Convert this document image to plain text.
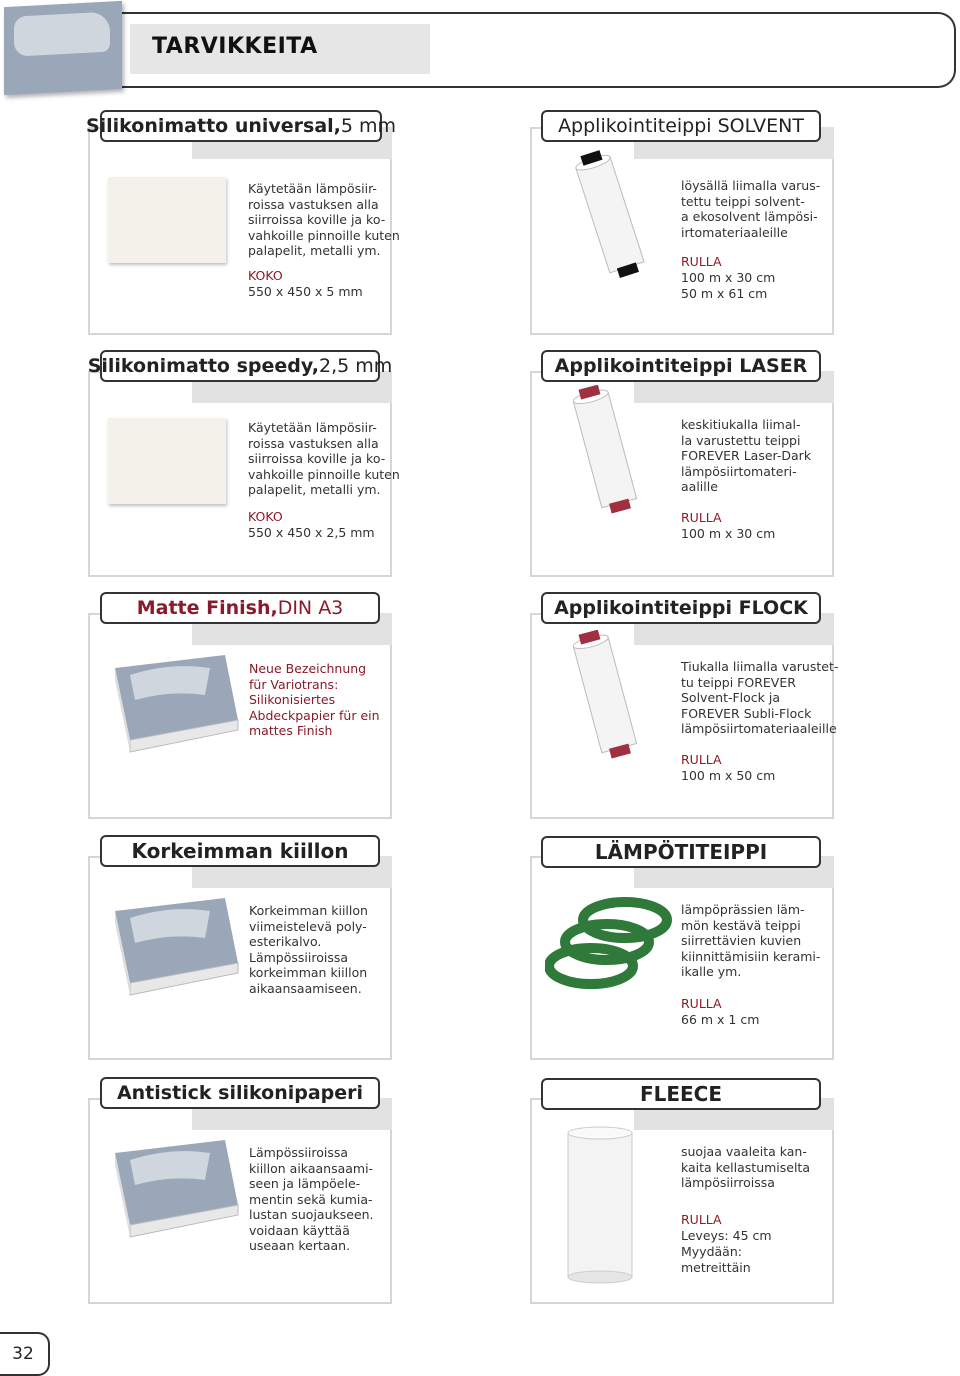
TARVIKKEITA
Silikonimatto universal, 5 mm
Käytetään lämpösiir-
roissa vastuksen alla
siirroissa koville ja ko-
vahkoille pinnoille kuten
palapelit, metalli ym.
KOKO
550 x 450 x 5 mm
Applikointiteippi SOLVENT
löysällä liimalla varus-
tettu teippi solvent-
a ekosolvent lämpösi-
irtomateriaaleille
RULLA
100 m x 30 cm
50 m x 61 cm
Silikonimatto speedy, 2,5 mm
Käytetään lämpösiir-
roissa vastuksen alla
siirroissa koville ja ko-
vahkoille pinnoille kuten
palapelit, metalli ym.
KOKO
550 x 450 x 2,5 mm
Applikointiteippi LASER
keskitiukalla liimal-
la varustettu teippi
FOREVER Laser-Dark
lämpösiirtomateri-
aalille
RULLA
100 m x 30 cm
Matte Finish, DIN A3
Neue Bezeichnung
für Variotrans:
Silikonisiertes
Abdeckpapier für ein
mattes Finish
Applikointiteippi FLOCK
Tiukalla liimalla varustet-
tu teippi FOREVER
Solvent-Flock ja
FOREVER Subli-Flock
lämpösiirtomateriaaleille
RULLA
100 m x 50 cm
Korkeimman kiillon
Korkeimman kiillon
viimeistelevä poly-
esterikalvo.
Lämpössiiroissa
korkeimman kiillon
aikaansaamiseen.
LÄMPÖTITEIPPI
lämpöprässien läm-
mön kestävä teippi
siirrettävien kuvien
kiinnittämisiin kerami-
ikalle ym.
RULLA
66 m x 1 cm
Antistick silikonipaperi
Lämpössiiroissa
kiillon aikaansaami-
seen ja lämpöele-
mentin sekä kumia-
lustan suojaukseen.
voidaan käyttää
useaan kertaan.
FLEECE
suojaa vaaleita kan-
kaita kellastumiselta
lämpösiirroissa
RULLA
Leveys: 45 cm
Myydään:
metreittäin
32
